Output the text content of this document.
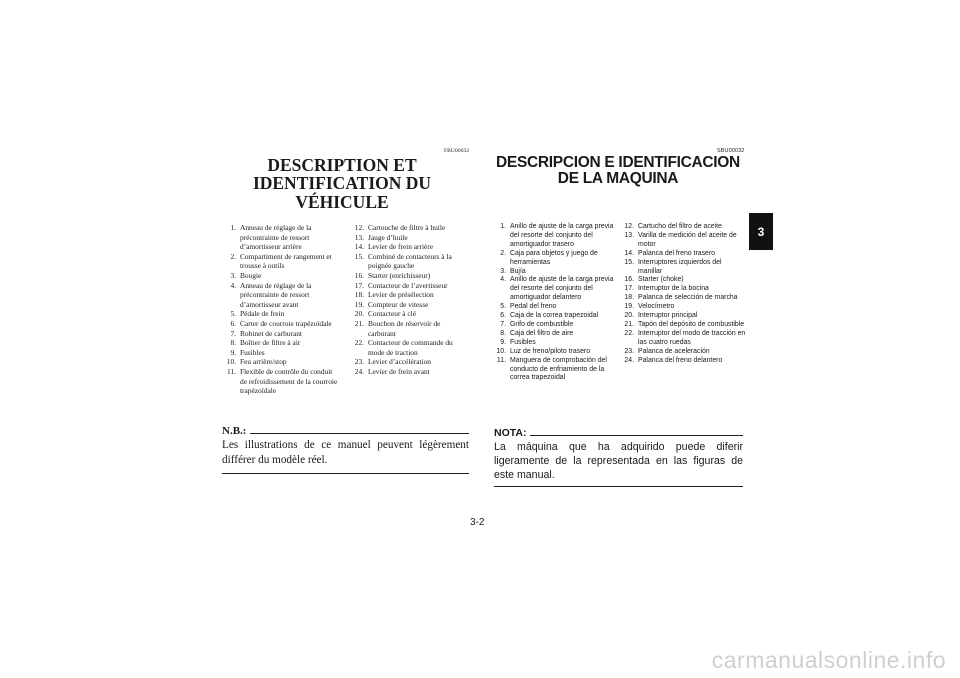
FBU00032
DESCRIPTION ET
IDENTIFICATION DU VÉHICULE
1. Anneau de réglage de la précontrainte de ressort d’amortisseur arrière
2. Compartiment de rangement et trousse à outils
3. Bougie
4. Anneau de réglage de la précontrainte de ressort d’amortisseur avant
5. Pédale de frein
6. Carter de courroie trapézoïdale
7. Robinet de carburant
8. Boîtier de filtre à air
9. Fusibles
10. Feu arrière/stop
11. Flexible de contrôle du conduit de refroidissement de la courroie trapézoïdale
12. Cartouche de filtre à huile
13. Jauge d’huile
14. Levier de frein arrière
15. Combiné de contacteurs à la poignée gauche
16. Starter (enrichisseur)
17. Contacteur de l’avertisseur
18. Levier de présélection
19. Compteur de vitesse
20. Contacteur à clé
21. Bouchon de réservoir de carburant
22. Contacteur de commande du mode de traction
23. Levier d’accélération
24. Levier de frein avant
N.B.:
Les illustrations de ce manuel peuvent légèrement différer du modèle réel.
SBU00032
DESCRIPCION E IDENTIFICACION
DE LA MAQUINA
1. Anillo de ajuste de la carga previa del resorte del conjunto del amortiguador trasero
2. Caja para objetos y juego de herramientas
3. Bujía
4. Anillo de ajuste de la carga previa del resorte del conjunto del amortiguador delantero
5. Pedal del freno
6. Caja de la correa trapezoidal
7. Grifo de combustible
8. Caja del filtro de aire
9. Fusibles
10. Luz de freno/piloto trasero
11. Manguera de comprobación del conducto de enfriamiento de la correa trapezoidal
12. Cartucho del filtro de aceite
13. Varilla de medición del aceite de motor
14. Palanca del freno trasero
15. Interruptores izquierdos del manillar
16. Starter (choke)
17. Interruptor de la bocina
18. Palanca de selección de marcha
19. Velocímetro
20. Interruptor principal
21. Tapón del depósito de combustible
22. Interruptor del modo de tracción en las cuatro ruedas
23. Palanca de aceleración
24. Palanca del freno delantero
NOTA:
La máquina que ha adquirido puede diferir ligeramente de la representada en las figuras de este manual.
3
3-2
carmanualsonline.info
